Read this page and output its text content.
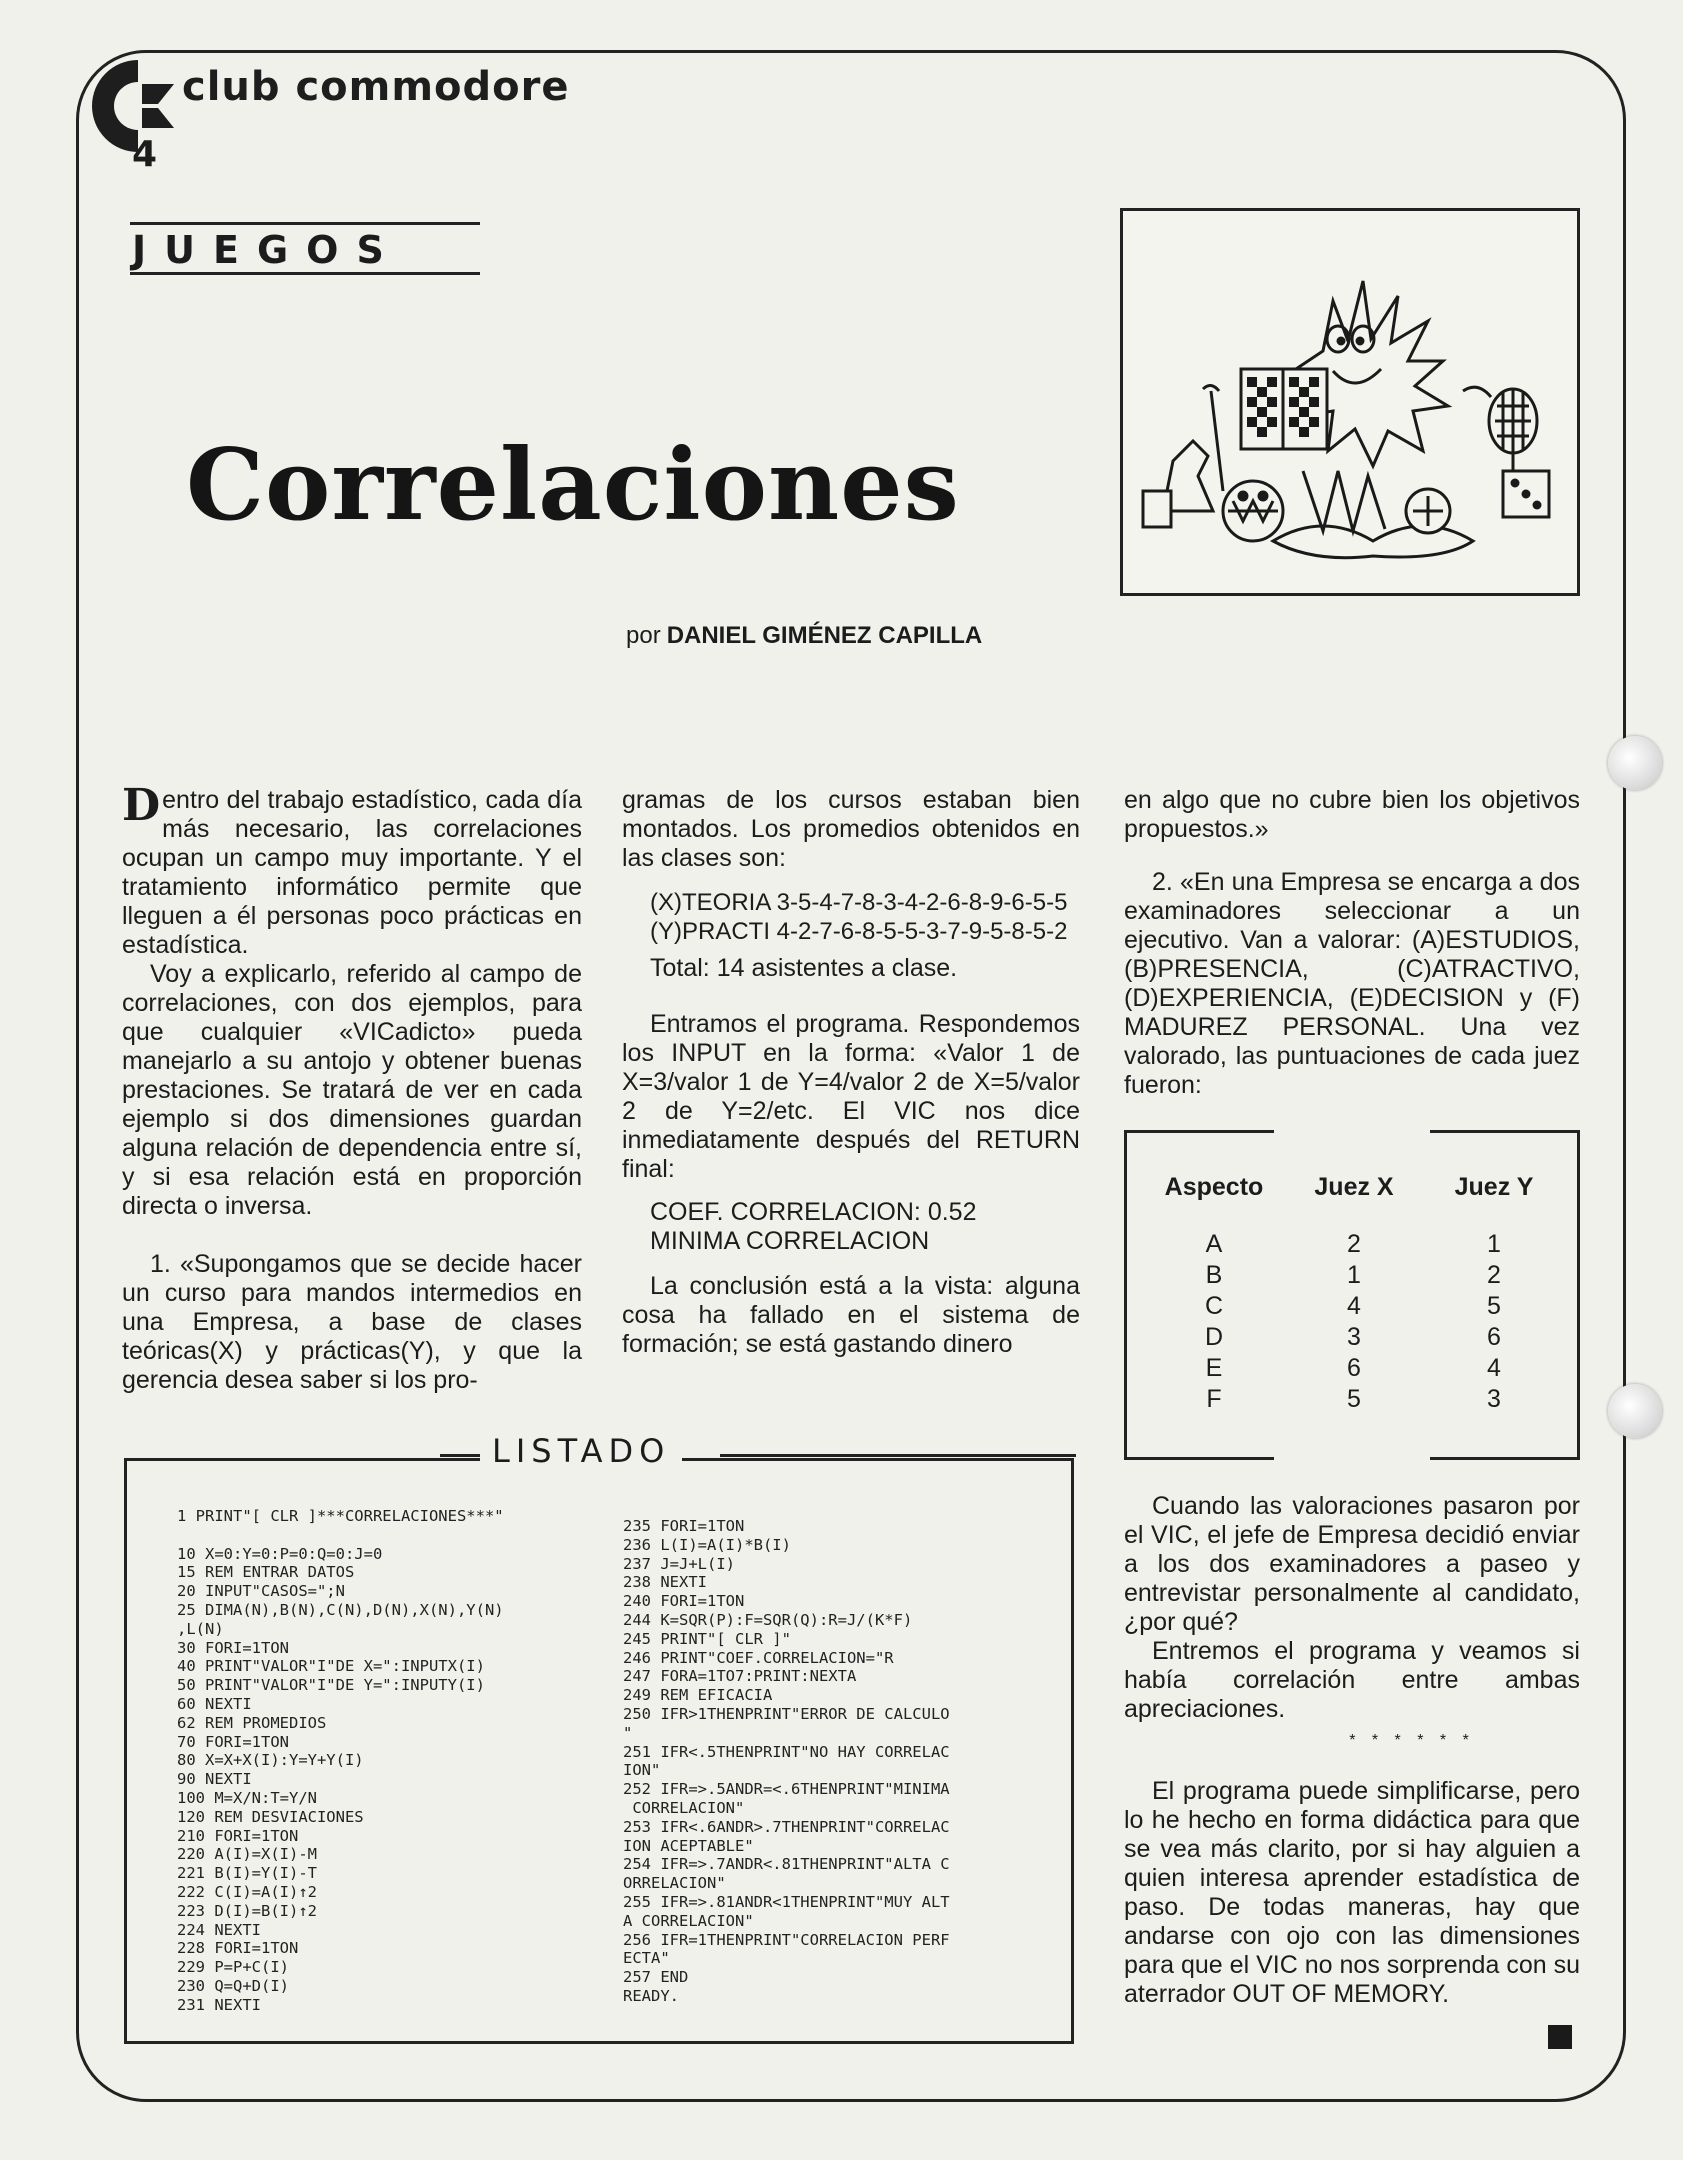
club commodore
4
JUEGOS
Correlaciones
por DANIEL GIMÉNEZ CAPILLA

Dentro del trabajo estadístico, cada día más necesario, las correlaciones ocupan un campo muy importante. Y el tratamiento informático permite que lleguen a él personas poco prácticas en estadística.

Voy a explicarlo, referido al campo de correlaciones, con dos ejemplos, para que cualquier «VICadicto» pueda manejarlo a su antojo y obtener buenas prestaciones. Se tratará de ver en cada ejemplo si dos dimensiones guardan alguna relación de dependencia entre sí, y si esa relación está en proporción directa o inversa.

1. «Supongamos que se decide hacer un curso para mandos intermedios en una Empresa, a base de clases teóricas(X) y prácticas(Y), y que la gerencia desea saber si los pro-

gramas de los cursos estaban bien montados. Los promedios obtenidos en las clases son:

(X)TEORIA 3-5-4-7-8-3-4-2-6-8-9-6-5-5

(Y)PRACTI 4-2-7-6-8-5-5-3-7-9-5-8-5-2

Total: 14 asistentes a clase.

Entramos el programa. Respondemos los INPUT en la forma: «Valor 1 de X=3/valor 1 de Y=4/valor 2 de X=5/valor 2 de Y=2/etc. El VIC nos dice inmediatamente después del RETURN final:

COEF. CORRELACION: 0.52

MINIMA CORRELACION

La conclusión está a la vista: alguna cosa ha fallado en el sistema de formación; se está gastando dinero

en algo que no cubre bien los objetivos propuestos.»

2. «En una Empresa se encarga a dos examinadores seleccionar a un ejecutivo. Van a valorar: (A)ESTUDIOS, (B)PRESENCIA, (C)ATRACTIVO, (D)EXPERIENCIA, (E)DECISION y (F) MADUREZ PERSONAL. Una vez valorado, las puntuaciones de cada juez fueron:

Aspecto	Juez X	Juez Y
A	2	1
B	1	2
C	4	5
D	3	6
E	6	4
F	5	3

Cuando las valoraciones pasaron por el VIC, el jefe de Empresa decidió enviar a los dos examinadores a paseo y entrevistar personalmente al candidato, ¿por qué?

Entremos el programa y veamos si había correlación entre ambas apreciaciones.

* * * * * *

El programa puede simplificarse, pero lo he hecho en forma didáctica para que se vea más clarito, por si hay alguien a quien interesa aprender estadística de paso. De todas maneras, hay que andarse con ojo con las dimensiones para que el VIC no nos sorprenda con su aterrador OUT OF MEMORY.

1 PRINT"[ CLR ]***CORRELACIONES***"

10 X=0:Y=0:P=0:Q=0:J=0
15 REM ENTRAR DATOS
20 INPUT"CASOS=";N
25 DIMA(N),B(N),C(N),D(N),X(N),Y(N)
,L(N)
30 FORI=1TON
40 PRINT"VALOR"I"DE X=":INPUTX(I)
50 PRINT"VALOR"I"DE Y=":INPUTY(I)
60 NEXTI
62 REM PROMEDIOS
70 FORI=1TON
80 X=X+X(I):Y=Y+Y(I)
90 NEXTI
100 M=X/N:T=Y/N
120 REM DESVIACIONES
210 FORI=1TON
220 A(I)=X(I)-M
221 B(I)=Y(I)-T
222 C(I)=A(I)↑2
223 D(I)=B(I)↑2
224 NEXTI
228 FORI=1TON
229 P=P+C(I)
230 Q=Q+D(I)
231 NEXTI
235 FORI=1TON
236 L(I)=A(I)*B(I)
237 J=J+L(I)
238 NEXTI
240 FORI=1TON
244 K=SQR(P):F=SQR(Q):R=J/(K*F)
245 PRINT"[ CLR ]"
246 PRINT"COEF.CORRELACION="R
247 FORA=1TO7:PRINT:NEXTA
249 REM EFICACIA
250 IFR>1THENPRINT"ERROR DE CALCULO
"
251 IFR<.5THENPRINT"NO HAY CORRELAC
ION"
252 IFR=>.5ANDR=<.6THENPRINT"MINIMA
CORRELACION"
253 IFR<.6ANDR>.7THENPRINT"CORRELAC
ION ACEPTABLE"
254 IFR=>.7ANDR<.81THENPRINT"ALTA C
ORRELACION"
255 IFR=>.81ANDR<1THENPRINT"MUY ALT
A CORRELACION"
256 IFR=1THENPRINT"CORRELACION PERF
ECTA"
257 END
READY.
LISTADO
